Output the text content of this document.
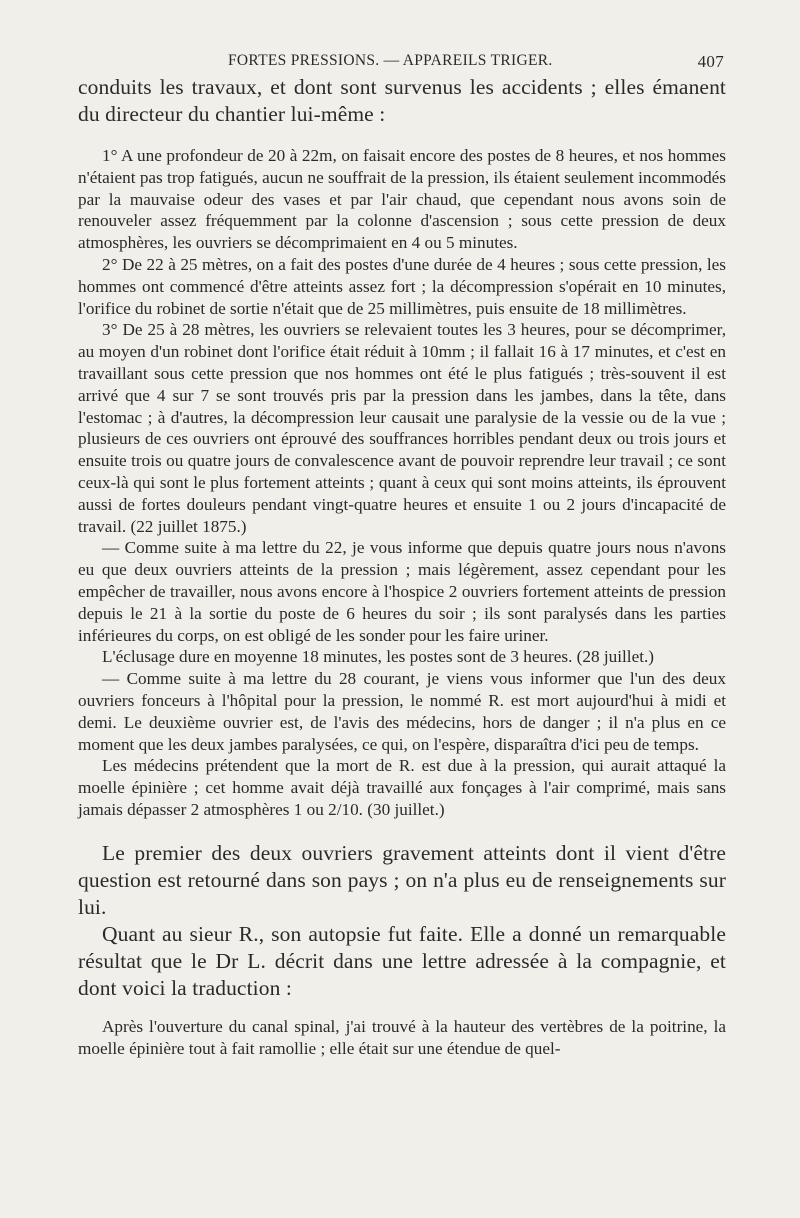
FORTES PRESSIONS. — APPAREILS TRIGER.	407

conduits les travaux, et dont sont survenus les accidents ; elles émanent du directeur du chantier lui-même :

1° A une profondeur de 20 à 22m, on faisait encore des postes de 8 heures, et nos hommes n'étaient pas trop fatigués, aucun ne souffrait de la pression, ils étaient seulement incommodés par la mauvaise odeur des vases et par l'air chaud, que cependant nous avons soin de renouveler assez fréquemment par la colonne d'ascension ; sous cette pression de deux atmosphères, les ouvriers se décomprimaient en 4 ou 5 minutes.

2° De 22 à 25 mètres, on a fait des postes d'une durée de 4 heures ; sous cette pression, les hommes ont commencé d'être atteints assez fort ; la décompression s'opérait en 10 minutes, l'orifice du robinet de sortie n'était que de 25 millimètres, puis ensuite de 18 millimètres.

3° De 25 à 28 mètres, les ouvriers se relevaient toutes les 3 heures, pour se décomprimer, au moyen d'un robinet dont l'orifice était réduit à 10mm ; il fallait 16 à 17 minutes, et c'est en travaillant sous cette pression que nos hommes ont été le plus fatigués ; très-souvent il est arrivé que 4 sur 7 se sont trouvés pris par la pression dans les jambes, dans la tête, dans l'estomac ; à d'autres, la décompression leur causait une paralysie de la vessie ou de la vue ; plusieurs de ces ouvriers ont éprouvé des souffrances horribles pendant deux ou trois jours et ensuite trois ou quatre jours de convalescence avant de pouvoir reprendre leur travail ; ce sont ceux-là qui sont le plus fortement atteints ; quant à ceux qui sont moins atteints, ils éprouvent aussi de fortes douleurs pendant vingt-quatre heures et ensuite 1 ou 2 jours d'incapacité de travail. (22 juillet 1875.)

— Comme suite à ma lettre du 22, je vous informe que depuis quatre jours nous n'avons eu que deux ouvriers atteints de la pression ; mais légèrement, assez cependant pour les empêcher de travailler, nous avons encore à l'hospice 2 ouvriers fortement atteints de pression depuis le 21 à la sortie du poste de 6 heures du soir ; ils sont paralysés dans les parties inférieures du corps, on est obligé de les sonder pour les faire uriner.

L'éclusage dure en moyenne 18 minutes, les postes sont de 3 heures. (28 juillet.)

— Comme suite à ma lettre du 28 courant, je viens vous informer que l'un des deux ouvriers fonceurs à l'hôpital pour la pression, le nommé R. est mort aujourd'hui à midi et demi. Le deuxième ouvrier est, de l'avis des médecins, hors de danger ; il n'a plus en ce moment que les deux jambes paralysées, ce qui, on l'espère, disparaîtra d'ici peu de temps.

Les médecins prétendent que la mort de R. est due à la pression, qui aurait attaqué la moelle épinière ; cet homme avait déjà travaillé aux fonçages à l'air comprimé, mais sans jamais dépasser 2 atmosphères 1 ou 2/10. (30 juillet.)

Le premier des deux ouvriers gravement atteints dont il vient d'être question est retourné dans son pays ; on n'a plus eu de renseignements sur lui.

Quant au sieur R., son autopsie fut faite. Elle a donné un remarquable résultat que le Dr L. décrit dans une lettre adressée à la compagnie, et dont voici la traduction :

Après l'ouverture du canal spinal, j'ai trouvé à la hauteur des vertèbres de la poitrine, la moelle épinière tout à fait ramollie ; elle était sur une étendue de quel-
